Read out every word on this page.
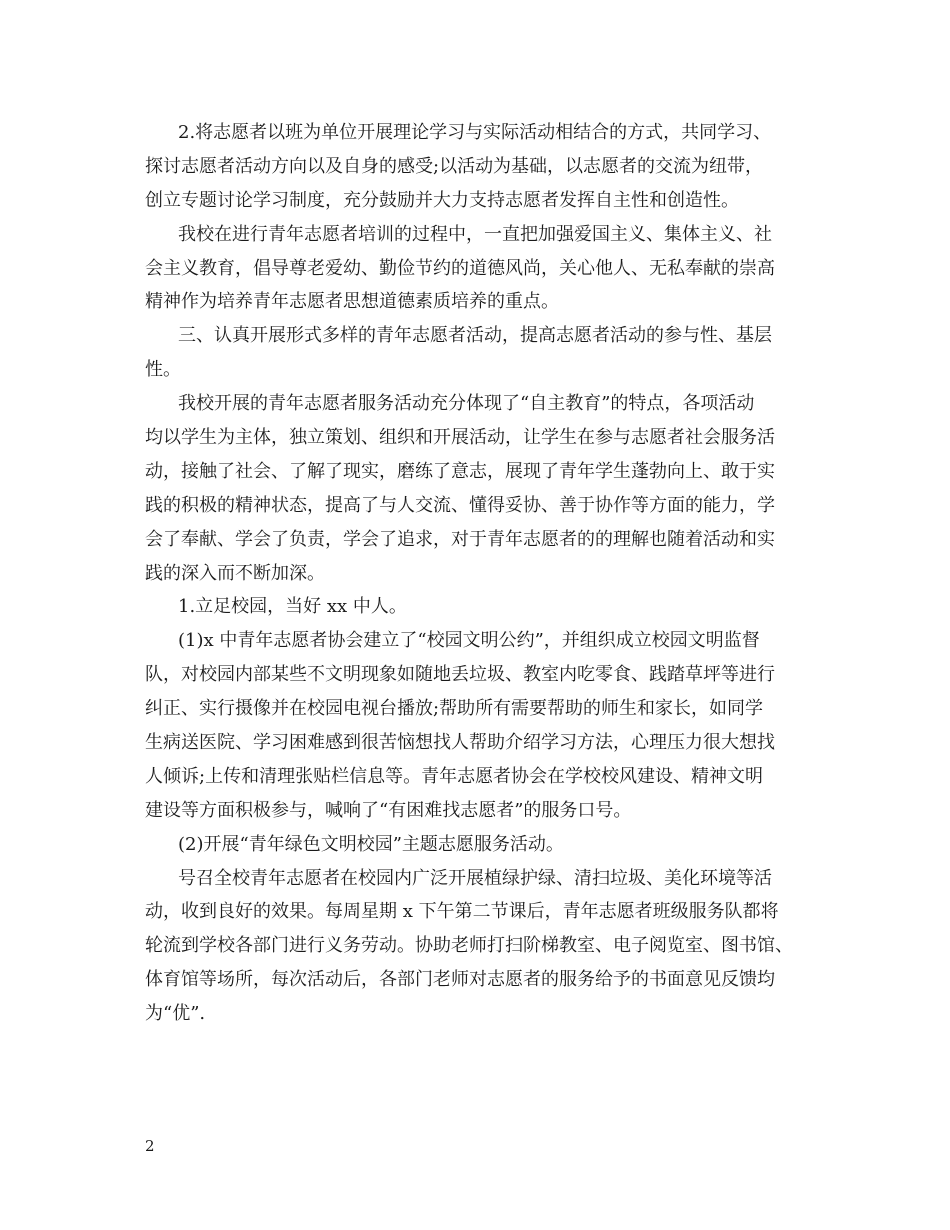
2.将志愿者以班为单位开展理论学习与实际活动相结合的方式，共同学习、
探讨志愿者活动方向以及自身的感受;以活动为基础，以志愿者的交流为纽带，
创立专题讨论学习制度，充分鼓励并大力支持志愿者发挥自主性和创造性。
我校在进行青年志愿者培训的过程中，一直把加强爱国主义、集体主义、社
会主义教育，倡导尊老爱幼、勤俭节约的道德风尚，关心他人、无私奉献的崇高
精神作为培养青年志愿者思想道德素质培养的重点。
三、认真开展形式多样的青年志愿者活动，提高志愿者活动的参与性、基层
性。
我校开展的青年志愿者服务活动充分体现了“自主教育”的特点，各项活动
均以学生为主体，独立策划、组织和开展活动，让学生在参与志愿者社会服务活
动，接触了社会、了解了现实，磨练了意志，展现了青年学生蓬勃向上、敢于实
践的积极的精神状态，提高了与人交流、懂得妥协、善于协作等方面的能力，学
会了奉献、学会了负责，学会了追求，对于青年志愿者的的理解也随着活动和实
践的深入而不断加深。
1.立足校园，当好 xx 中人。
(1)x 中青年志愿者协会建立了“校园文明公约”，并组织成立校园文明监督
队，对校园内部某些不文明现象如随地丢垃圾、教室内吃零食、践踏草坪等进行
纠正、实行摄像并在校园电视台播放;帮助所有需要帮助的师生和家长，如同学
生病送医院、学习困难感到很苦恼想找人帮助介绍学习方法，心理压力很大想找
人倾诉;上传和清理张贴栏信息等。青年志愿者协会在学校校风建设、精神文明
建设等方面积极参与，喊响了“有困难找志愿者”的服务口号。
(2)开展“青年绿色文明校园”主题志愿服务活动。
号召全校青年志愿者在校园内广泛开展植绿护绿、清扫垃圾、美化环境等活
动，收到良好的效果。每周星期 x 下午第二节课后，青年志愿者班级服务队都将
轮流到学校各部门进行义务劳动。协助老师打扫阶梯教室、电子阅览室、图书馆、
体育馆等场所，每次活动后，各部门老师对志愿者的服务给予的书面意见反馈均
为“优”.
2
